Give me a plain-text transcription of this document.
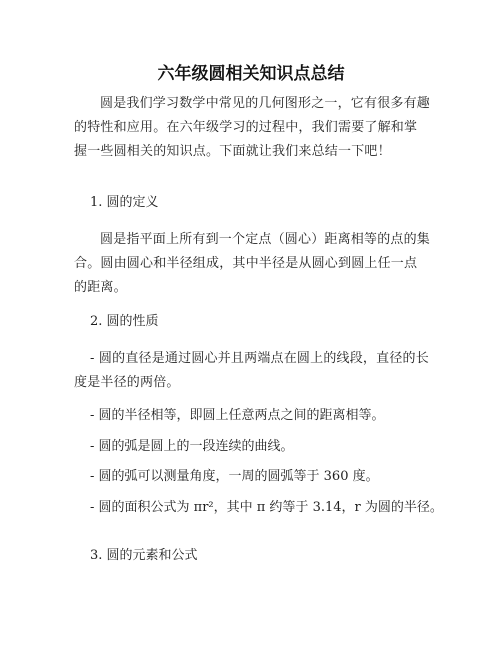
六年级圆相关知识点总结

圆是我们学习数学中常见的几何图形之一，它有很多有趣的特性和应用。在六年级学习的过程中，我们需要了解和掌握一些圆相关的知识点。下面就让我们来总结一下吧！

1. 圆的定义

圆是指平面上所有到一个定点（圆心）距离相等的点的集合。圆由圆心和半径组成，其中半径是从圆心到圆上任一点的距离。

2. 圆的性质

- 圆的直径是通过圆心并且两端点在圆上的线段，直径的长度是半径的两倍。

- 圆的半径相等，即圆上任意两点之间的距离相等。

- 圆的弧是圆上的一段连续的曲线。

- 圆的弧可以测量角度，一周的圆弧等于 360 度。

- 圆的面积公式为 πr²，其中 π 约等于 3.14，r 为圆的半径。

3. 圆的元素和公式
